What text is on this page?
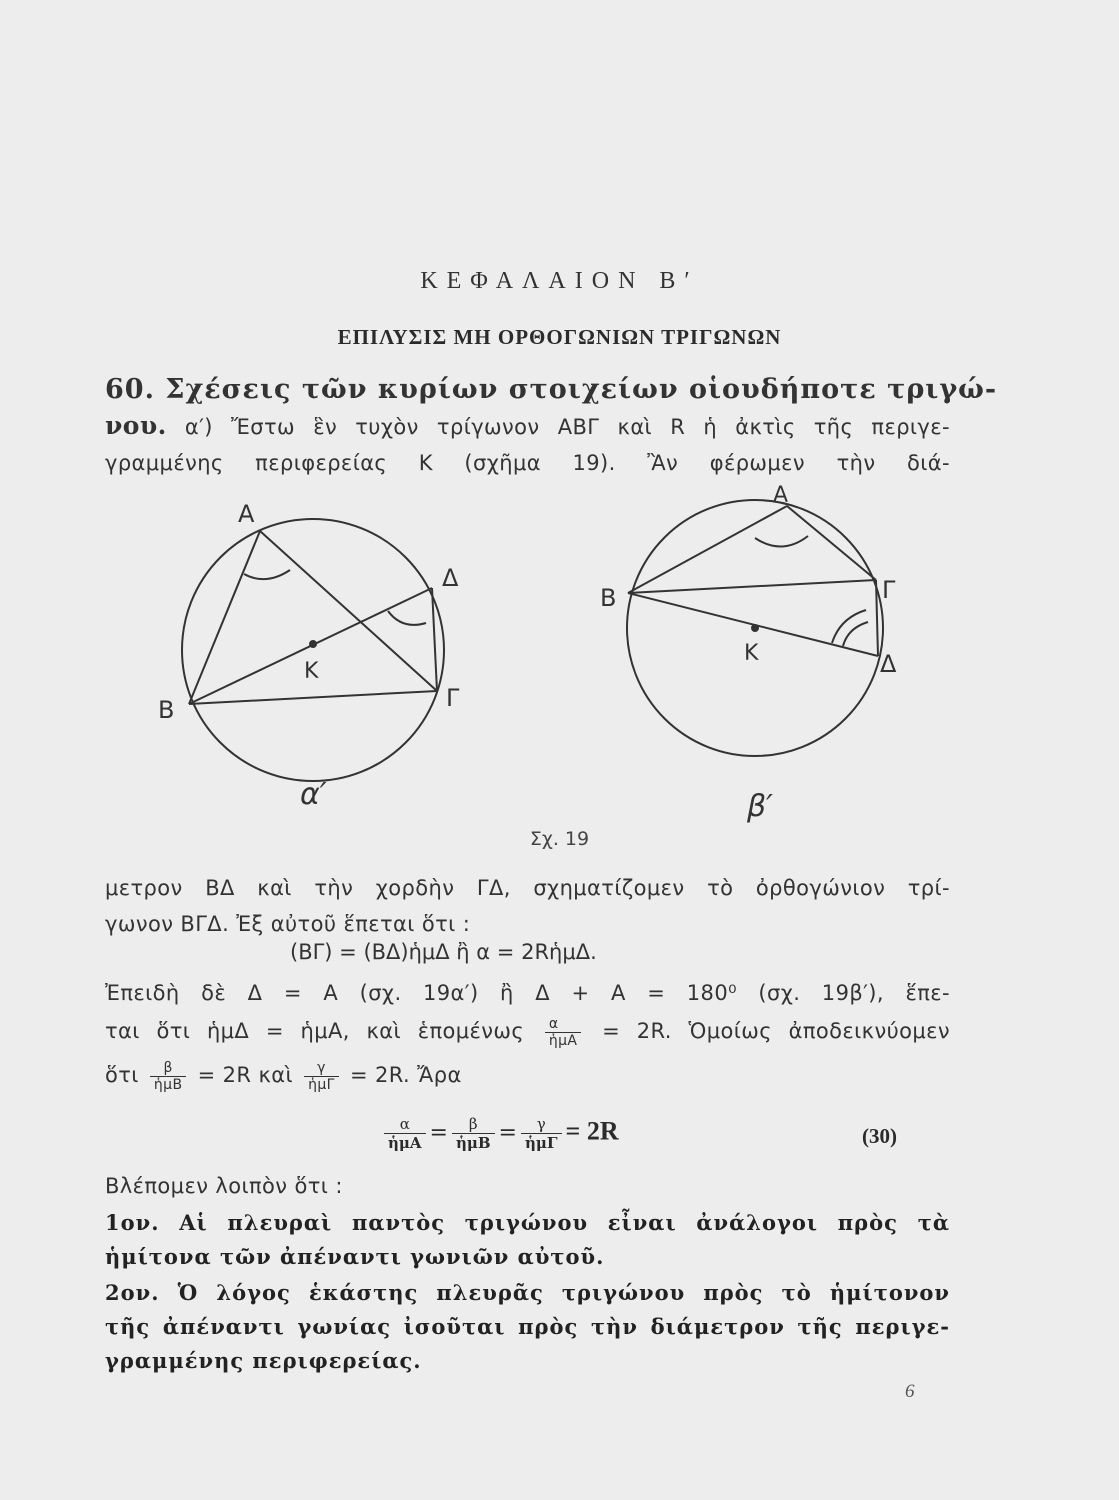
ΚΕΦΑΛΑΙΟΝ Β′
ΕΠΙΛΥΣΙΣ ΜΗ ΟΡΘΟΓΩΝΙΩΝ ΤΡΙΓΩΝΩΝ
60. Σχέσεις τῶν κυρίων στοιχείων οἱουδήποτε τριγώ-
νου. α′) Ἔστω ἓν τυχὸν τρίγωνον ΑΒΓ καὶ R ἡ ἀκτὶς τῆς περιγε-
γραμμένης περιφερείας Κ (σχῆμα 19). Ἂν φέρωμεν τὴν διά-
Α
Δ
Β	Γ
Κ
α′
Α
Β	Γ
Δ
Κ
β′
Σχ. 19
μετρον ΒΔ καὶ τὴν χορδὴν ΓΔ, σχηματίζομεν τὸ ὀρθογώνιον τρί-
γωνον ΒΓΔ. Ἐξ αὐτοῦ ἕπεται ὅτι :
(ΒΓ) = (ΒΔ)ἡμΔ ἢ α = 2RἡμΔ.
Ἐπειδὴ δὲ Δ = Α (σχ. 19α′) ἢ Δ + Α = 180⁰ (σχ. 19β′), ἕπε-
ται ὅτι ἡμΔ = ἡμΑ, καὶ ἑπομένως $\frac{\alpha}{\text{ἡμΑ}} = 2R$. Ὁμοίως ἀποδεικνύομεν
ὅτι $\frac{\beta}{\text{ἡμΒ}} = 2R$ καὶ $\frac{\gamma}{\text{ἡμΓ}} = 2R$. Ἄρα
$\frac{\alpha}{\text{ἡμΑ}} = \frac{\beta}{\text{ἡμΒ}} = \frac{\gamma}{\text{ἡμΓ}} = 2R$	(30)
Βλέπομεν λοιπὸν ὅτι :
1ον. Αἱ πλευραὶ παντὸς τριγώνου εἶναι ἀνάλογοι πρὸς τὰ
ἡμίτονα τῶν ἀπέναντι γωνιῶν αὐτοῦ.
2ον. Ὁ λόγος ἑκάστης πλευρᾶς τριγώνου πρὸς τὸ ἡμίτονον
τῆς ἀπέναντι γωνίας ἰσοῦται πρὸς τὴν διάμετρον τῆς περιγε-
γραμμένης περιφερείας.
6
